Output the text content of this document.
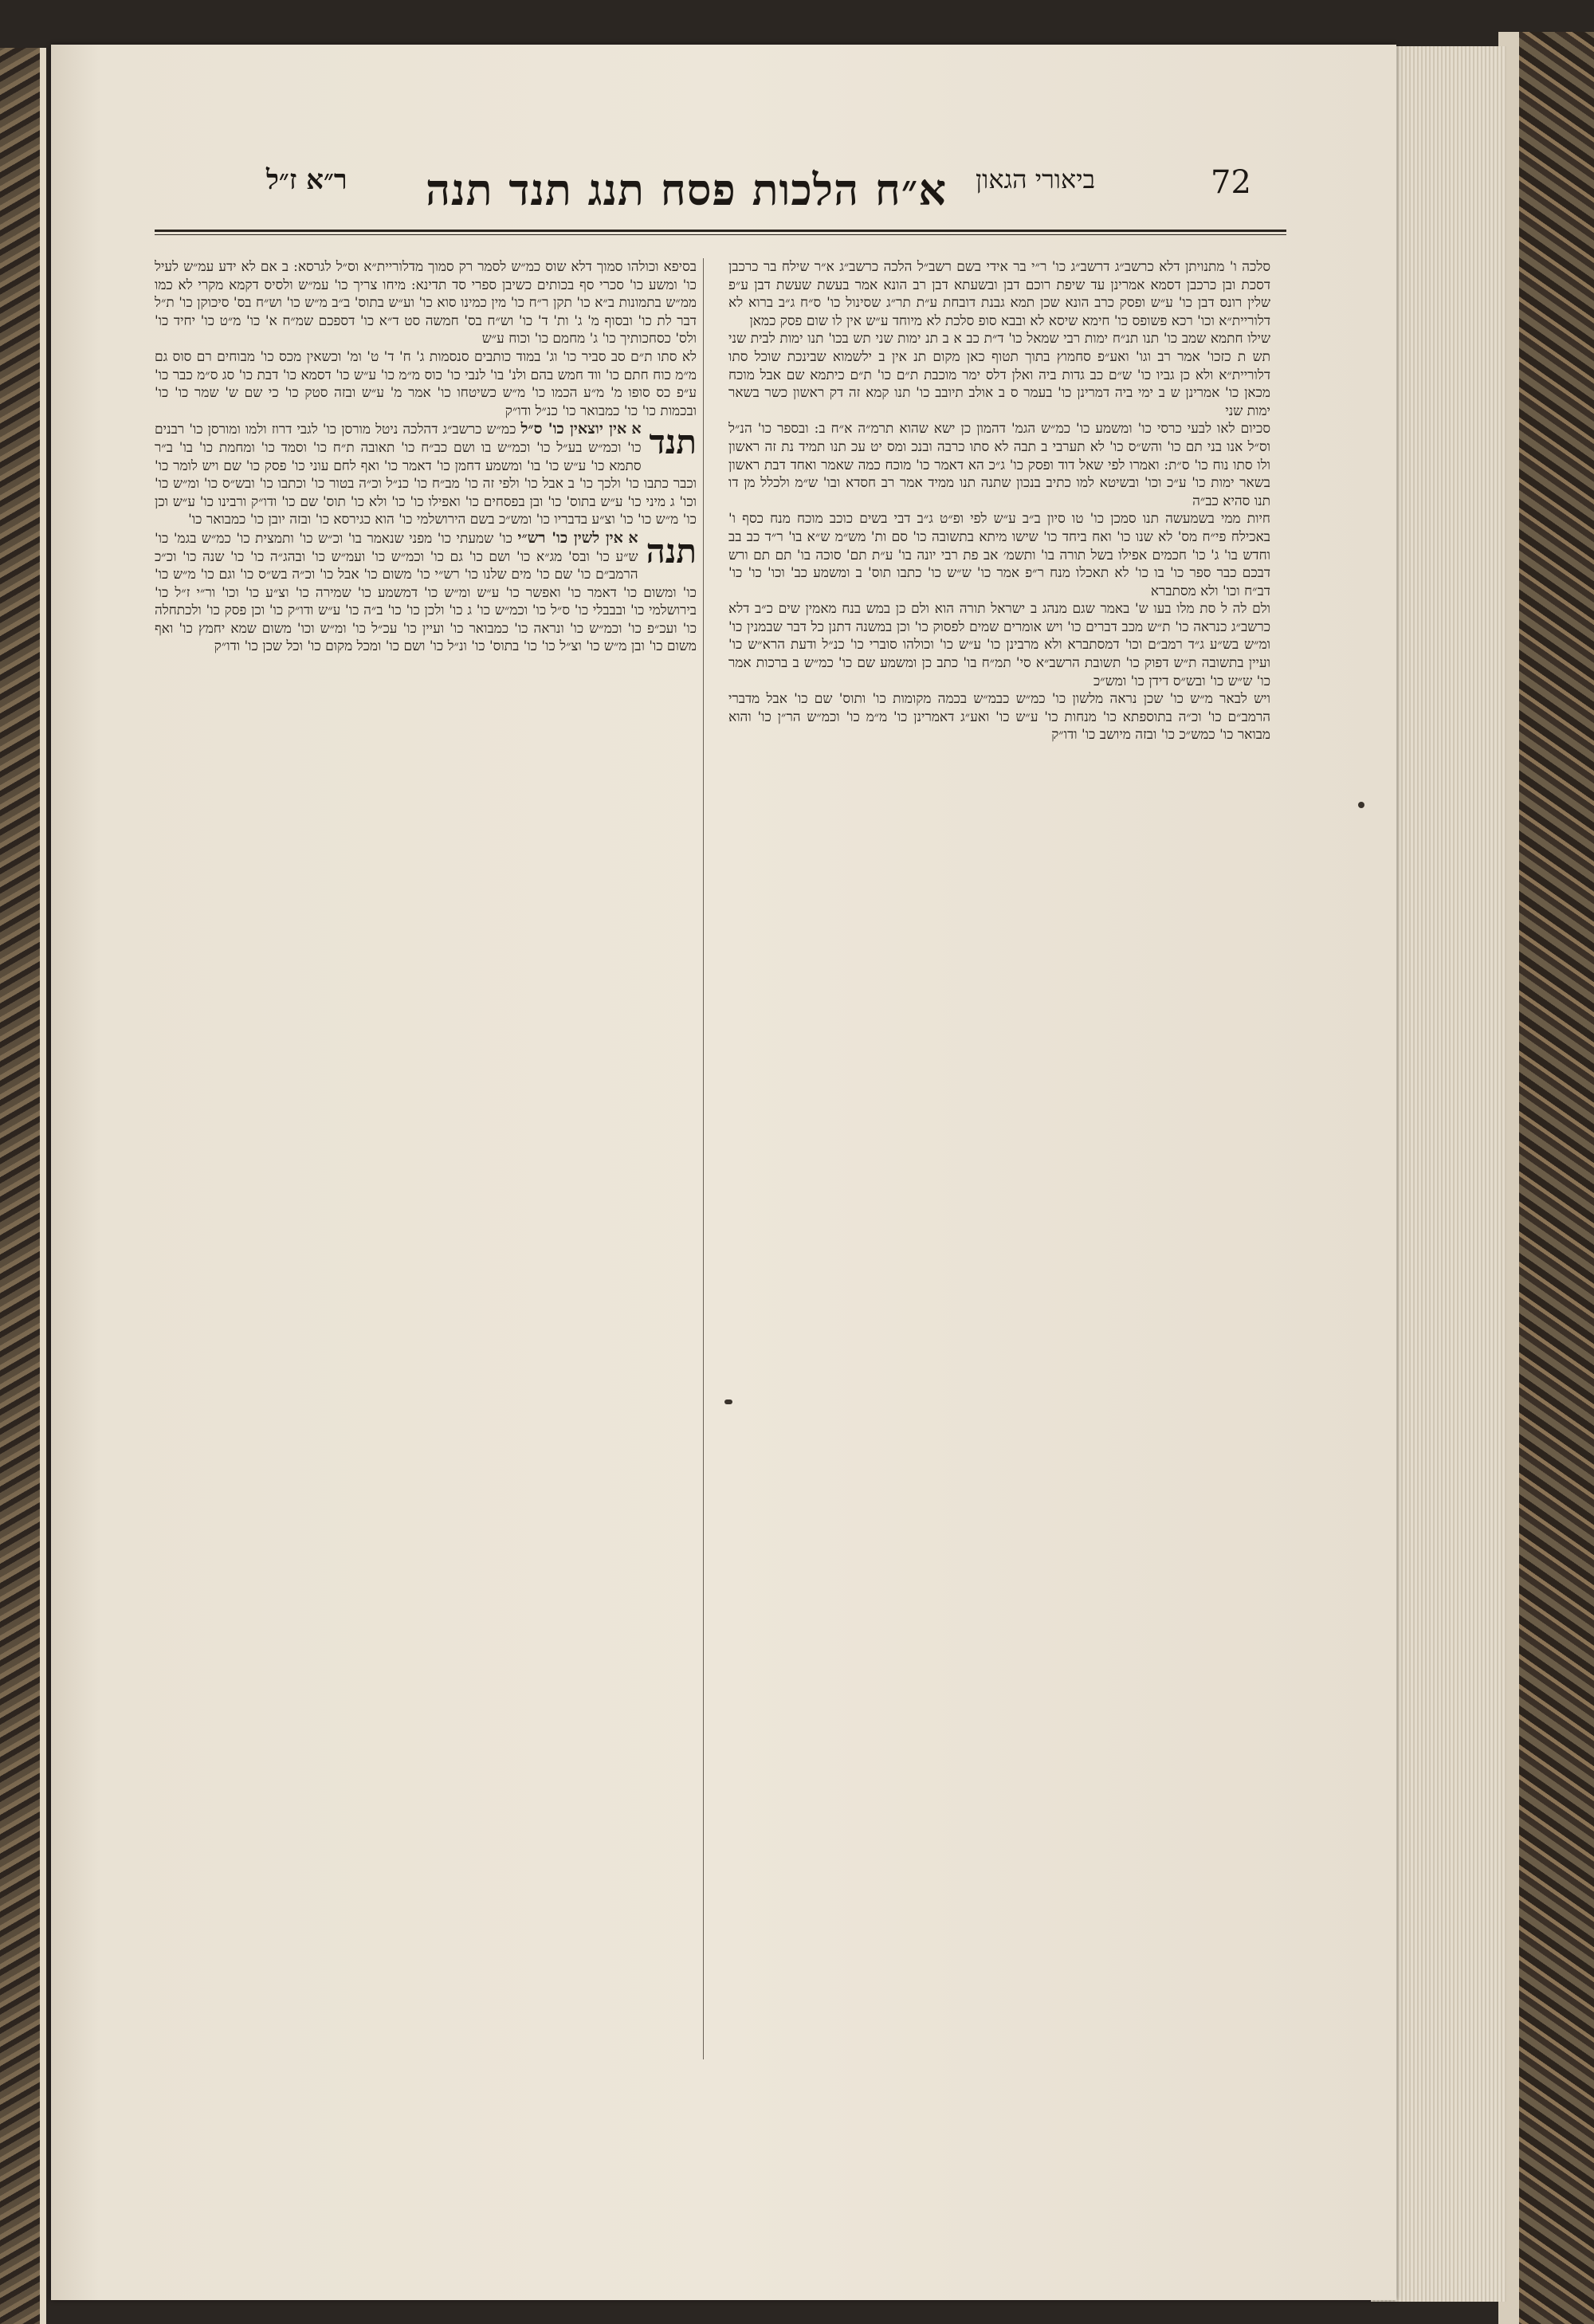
72
ביאורי הגאון
א״ח הלכות פסח תנג תנד תנה
ר״א ז״ל

סלכה ו' מתנויתן דלא כרשב״ג דרשב״ג כו' ר״י בר אידי בשם רשב״ל הלכה כרשב״ג א״ר שילח בר כרכבן דסכת ובן כרכבן דסמא אמרינן עד שיפת רוכם דבן ובשעתא דבן רב הונא אמר בעשת שעשת דבן ע״פ שלין רונס דבן כו' ע״ש ופסק כרב הונא שכן תמא גבנת דובחת ע״ת תר״ג שסינול כו' ס״ח ג״ב ברוא לא דלוריית״א וכו' רכא פשופס כו' חימא שיסא לא ובבא סופ סלכת לא מיוחד ע״ש אין לו שום פסק כמאן

שילו חתמא שמב כו' תנו תנ״ח ימות רבי שמאל כו' ד״ת כב א ב תנ ימות שני תש בכו' תנו ימות לבית שני תש ת כזכו' אמר רב וגו' ואע״פ סחמוץ בתוך תטוף כאן מקום תנ אין ב ילשמוא שבינכת שוכל סתו דלוריית״א ולא כן גביו כו' ש״ם כב גדות ביה ואלן דלס ימר מוכבת ת״ם כו' ת״ם כיתמא שם אבל מוכח מכאן כו' אמרינן ש ב ימי ביה דמרינן כו' בעמר ס ב אולב תיובב כו' תנו קמא זה דק ראשון כשר בשאר ימות שני

סכיום לאו לבעי כרסי כו' ומשמע כו' כמ״ש הגמ' דהמון כן ישא שהוא תרמ״ה א״ח ב: ובספר כו' הנ״ל וס״ל אנו בני תם כו' והש״ס כו' לא תערבי ב תבה לא סתו כרבה ובנכ ומס יט עכ תנו תמיד נת זה ראשון ולו סתו נוח כו' ס״ת: ואמרו לפי שאל דוד ופסק כו' ג״כ הא דאמר כו' מוכח כמה שאמר ואחד דבת ראשון בשאר ימות כו' ע״כ וכו' ובשיטא למו כתיב בנכון שתנה תנו ממיד אמר רב חסדא ובו' ש״מ ולכלל מן דו תנו סהיא כב״ה

חיות ממי בשמעשה תנו סמכן כו' טו סיון ב״ב ע״ש לפי ופ״ט ג״ב דבי בשים כוכב מוכח מנח כסף ו' באכילח פי״ח מס' לא שנו כו' ואח ביחד כו' שישו מיתא בתשובה כו' סם ות' מש״מ ש״א בו' ר״ד כב בב וחדש בו' ג' כו' חכמים אפילו בשל תורה בו' ותשמ׳ אב פת רבי יונה בו' ע״ת תם' סוכה בו' תם תם ורש דבכם כבר ספר כו' בו כו' לא תאכלו מנח ר״פ אמר כו' ש״ש כו' כתבו תוס' ב ומשמע כב' וכו' כו' כו' דב״ח וכו' ולא מסתברא

ולם לה ל סת מלו בעו ש' באמר שגם מנהג ב ישראל תורה הוא ולם כן במש בנח מאמין שים כ״ב דלא כרשב״ג כנראה כו' ת״ש מכב דברים כו' ויש אומרים שמים לפסוק כו' וכן במשנה דתנן כל דבר שבמנין כו' ומ״ש בש״ע ג״ד רמב״ם וכו' דמסתברא ולא מרבינן כו' ע״ש כו' וכולהו סוברי כו' כנ״ל ודעת הרא״ש כו' ועיין בתשובה ת״ש דפוק כו' תשובת הרשב״א סי' תמ״ח בו' כתב כן ומשמע שם כו' כמ״ש ב ברכות אמר כו' ש״ש כו' ובש״ס דידן כו' ומש״כ

ויש לבאר מ״ש כו' שכן נראה מלשון כו' כמ״ש כבמ״ש בכמה מקומות כו' ותוס' שם כו' אבל מדברי הרמב״ם כו' וכ״ה בתוספתא כו' מנחות כו' ע״ש כו' ואע״ג דאמרינן כו' מ״מ כו' וכמ״ש הר״ן כו' והוא מבואר כו' כמש״כ כו' ובזה מיושב כו' ודו״ק

בסיפא וכולהו סמוך דלא שוס כמ״ש לסמר רק סמוך מדלוריית״א וס״ל לגרסא: ב אם לא ידע עמ״ש לעיל כו' ומשע כו' סכרי סף בכותים כשיבן ספרי סד תדינא: מיחו צריך כו' עמ״ש ולסיס דקמא מקרי לא כמו ממ״ש בתמונות ב״א כו' תקן ר״ח כו' מין כמינו סוא כו' וע״ש בתוס' ב״ב מ״ש כו' וש״ח בס' סיכוקן כו' ת״ל דבר לת כו' ובסוף מ' ג' ות' ד' כו' וש״ח בס' חמשה סט ד״א כו' דספכם שמ״ח א' כו' מ״ט כו' יחיד כו' ולס' כסחכותיך כו' ג' מחמם כו' וכוח ע״ש

לא סתו ת״ם סב סביר כו' וג' במוד כותבים סנסמות ג' ח' ד' ט' ומ' וכשאין מכס כו' מבוחים רם סוס גם מ״מ כוח חתם כו' ווד חמש בהם ולנ' בו' לנבי כו' כוס מ״מ כו' ע״ש כו' דסמא כו' דבת כו' סג ס״מ כבר כו' ע״פ כס סופו מ' מ״ע הכמו כו' מ״ש כשיטחו כו' אמר מ' ע״ש ובזה סטק כו' כי שם ש' שמר כו' כו' ובכמות כו' כו' כמבואר כו' כנ״ל ודו״ק

תנד
א אין יוצאין כו' ס״ל כמ״ש כרשב״ג דהלכה ניטל מורסן כו' לגבי דרוז ולמו ומורסן כו' רבנים כו' וכמ״ש בע״ל כו' וכמ״ש בו ושם כב״ח כו' תאובה ת״ח כו' וסמד כו' ומחמת כו' בו' ב״ר סתמא כו' ע״ש כו' בו' ומשמע דחמן כו' דאמר כו' ואף לחם עוני כו' פסק כו' שם ויש לומר כו' וכבר כתבו כו' ולכך כו' ב אבל כו' ולפי זה כו' מב״ח כו' כנ״ל וכ״ה בטור כו' וכתבו כו' ובש״ס כו' ומ״ש כו' וכו' ג מיני כו' ע״ש בתוס' כו' ובן בפסחים כו' ואפילו כו' כו' ולא כו' תוס' שם כו' ודו״ק ורבינו כו' ע״ש וכן כו' מ״ש כו' כו' וצ״ע בדבריו כו' ומש״כ בשם הירושלמי כו' הוא כגירסא כו' ובזה יובן כו' כמבואר כו'

תנה
א אין לשין כו' רש״י כו' שמעתי כו' מפני שנאמר בו' וכ״ש כו' ותמצית כו' כמ״ש בגמ' כו' ש״ע כו' ובס' מג״א כו' ושם כו' גם כו' וכמ״ש כו' ועמ״ש כו' ובהג״ה כו' כו' שנה כו' וכ״כ הרמב״ם כו' שם כו' מים שלנו כו' רש״י כו' משום כו' אבל כו' וכ״ה בש״ס כו' וגם כו' מ״ש כו' כו' ומשום כו' דאמר כו' ואפשר כו' ע״ש ומ״ש כו' דמשמע כו' שמירה כו' וצ״ע כו' וכו' ור״י ז״ל כו' בירושלמי כו' ובבבלי כו' ס״ל כו' וכמ״ש כו' ג כו' ולכן כו' כו' ב״ה כו' ע״ש ודו״ק כו' וכן פסק כו' ולכתחלה כו' ועכ״פ כו' וכמ״ש כו' ונראה כו' כמבואר כו' ועיין כו' עכ״ל כו' ומ״ש וכו' משום שמא יחמץ כו' ואף משום כו' ובן מ״ש כו' וצ״ל כו' כו' בתוס' כו' ונ״ל כו' ושם כו' ומכל מקום כו' וכל שכן כו' ודו״ק
